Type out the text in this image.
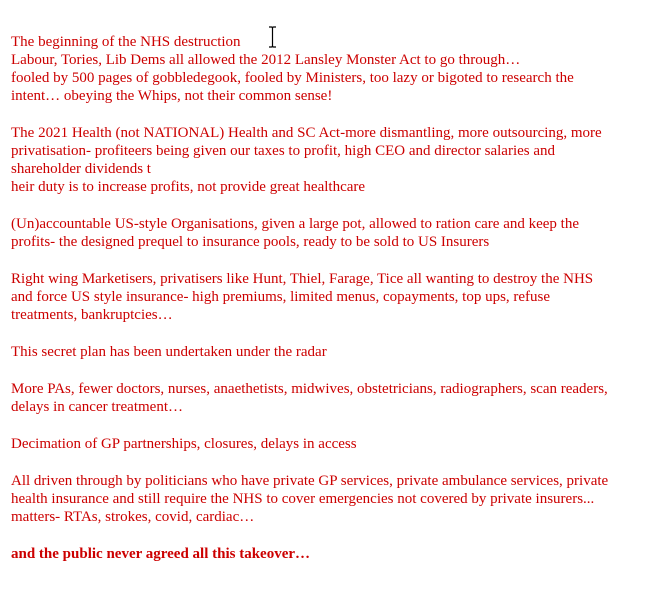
The beginning of the NHS destruction
Labour, Tories, Lib Dems all allowed the 2012 Lansley Monster Act to go through…
fooled by 500 pages of gobbledegook, fooled by Ministers, too lazy or bigoted to research the
intent… obeying the Whips, not their common sense!

The 2021 Health (not NATIONAL) Health and SC Act-more dismantling, more outsourcing, more
privatisation- profiteers being given our taxes to profit, high CEO and director salaries and
shareholder dividends t
heir duty is to increase profits, not provide great healthcare

(Un)accountable US-style Organisations, given a large pot, allowed to ration care and keep the
profits- the designed prequel to insurance pools, ready to be sold to US Insurers

Right wing Marketisers, privatisers like Hunt, Thiel, Farage, Tice all wanting to destroy the NHS
and force US style insurance- high premiums, limited menus, copayments, top ups, refuse
treatments, bankruptcies…

This secret plan has been undertaken under the radar

More PAs, fewer doctors, nurses, anaethetists, midwives, obstetricians, radiographers, scan readers,
delays in cancer treatment…

Decimation of GP partnerships, closures, delays in access

All driven through by politicians who have private GP services, private ambulance services, private
health insurance and still require the NHS to cover emergencies not covered by private insurers...
matters- RTAs, strokes, covid, cardiac…

and the public never agreed all this takeover…
